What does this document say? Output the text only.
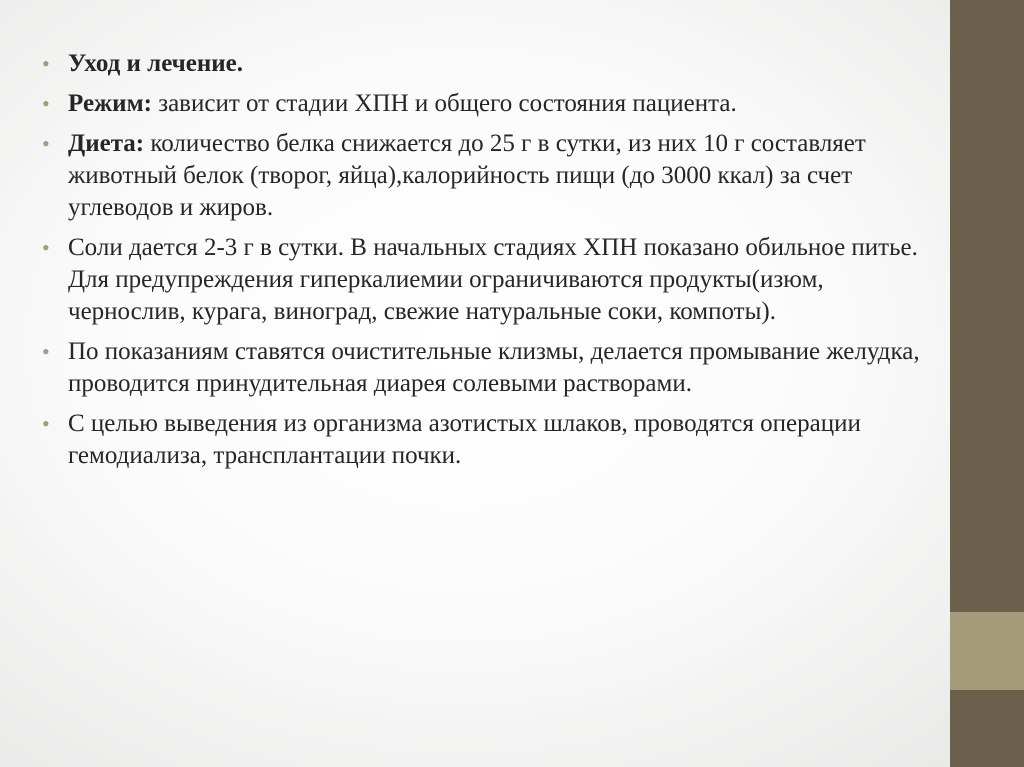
• Уход и лечение.
• Режим: зависит от стадии ХПН и общего состояния пациента.
• Диета: количество белка снижается до 25 г в сутки, из них 10 г составляет животный белок (творог, яйца),калорийность пищи (до 3000 ккал) за счет углеводов и жиров.
• Соли дается 2-3 г в сутки. В начальных стадиях ХПН показано обильное питье. Для предупреждения гиперкалиемии ограничиваются продукты(изюм, чернослив, курага, виноград, свежие натуральные соки, компоты).
• По показаниям ставятся очистительные клизмы, делается промывание желудка, проводится принудительная диарея солевыми растворами.
• С целью выведения из организма азотистых шлаков, проводятся операции гемодиализа, трансплантации почки.
